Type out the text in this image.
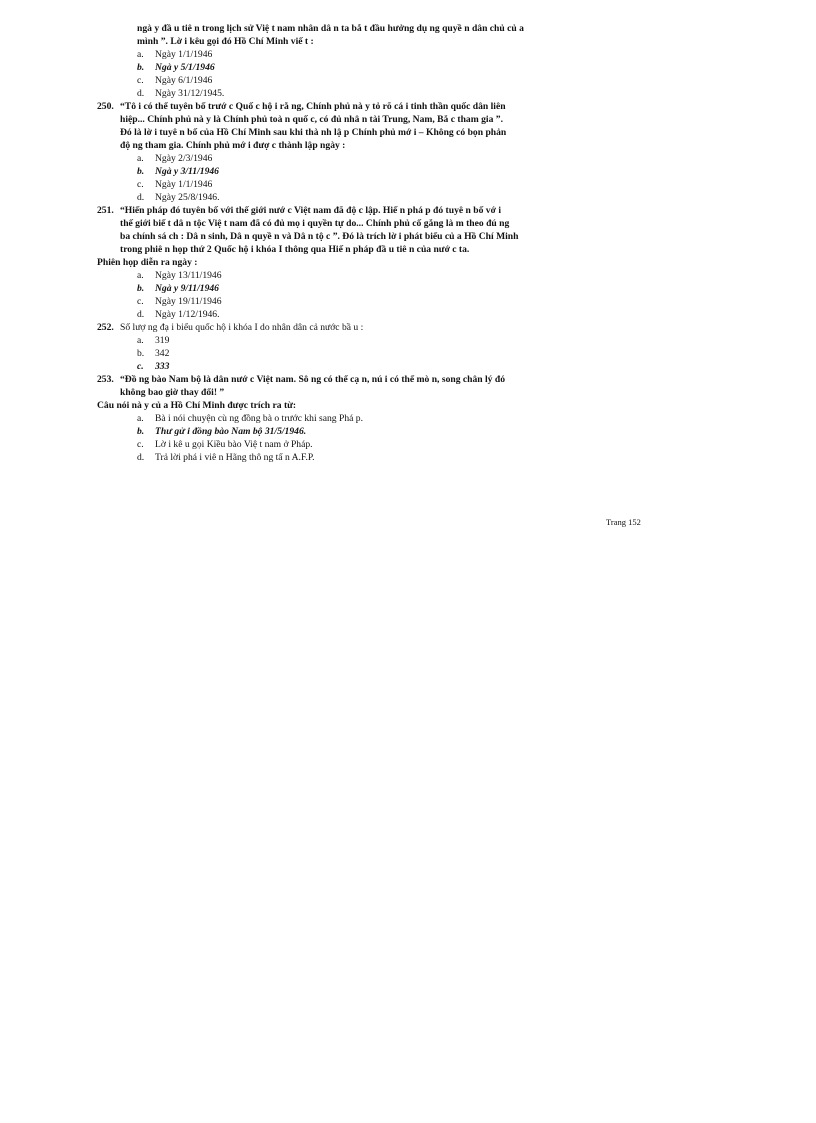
ngà y đầ u tiê n trong lịch sử Việ t nam nhân dâ n ta bắ t đầu hưởng dụ ng quyề n dân chủ củ a

mình ”. Lờ i kêu gọi đó Hồ Chí Minh viế t :

a. Ngày 1/1/1946
b. Ngà y 5/1/1946
c. Ngày 6/1/1946
d. Ngày 31/12/1945.
250. “Tô i có thể tuyên bố trướ c Quố c hộ i rằ ng, Chính phủ nà y tỏ rõ cá i tinh thần quốc dân liên
hiệp... Chính phủ nà y là Chính phủ toà n quố c, có đủ nhâ n tài Trung, Nam, Bắ c tham gia ”.
Đó là lờ i tuyê n bố của Hồ Chí Minh sau khi thà nh lậ p Chính phủ mớ i – Không có bọn phản
độ ng tham gia. Chính phủ mớ i đượ c thành lập ngày :
a. Ngày 2/3/1946
b. Ngà y 3/11/1946
c. Ngày 1/1/1946
d. Ngày 25/8/1946.
251. “Hiến pháp đó tuyên bố với thế giới nướ c Việt nam đã độ c lập. Hiế n phá p đó tuyê n bố vớ i
thế giới biế t dâ n tộc Việ t nam đã có đủ mọ i quyền tự do... Chính phủ cố gắng là m theo đú ng
ba chính sá ch : Dâ n sinh, Dâ n quyề n và Dâ n tộ c ”. Đó là trích lờ i phát biểu củ a Hồ Chí Minh
trong phiê n họp thứ 2 Quốc hộ i khóa I thông qua Hiế n pháp đầ u tiê n của nướ c ta.

Phiên họp diễn ra ngày :

a. Ngày 13/11/1946
b. Ngà y 9/11/1946
c. Ngày 19/11/1946
d. Ngày 1/12/1946.
252. Số lượ ng đạ i biểu quốc hộ i khóa I do nhân dân cả nước bầ u :
a. 319
b. 342
c. 333
253. “Đồ ng bào Nam bộ là dân nướ c Việt nam. Sô ng có thể cạ n, nú i có thể mò n, song chân lý đó
không bao giờ thay đổi! ”

Câu nói nà y củ a Hồ Chí Minh được trích ra từ:

a. Bà i nói chuyện cù ng đồng bà o trước khi sang Phá p.
b. Thư gử i đồng bào Nam bộ 31/5/1946.
c. Lờ i kê u gọi Kiều bào Việ t nam ở Pháp.
d. Trả lời phá i viê n Hãng thô ng tấ n A.F.P.
Trang 152
